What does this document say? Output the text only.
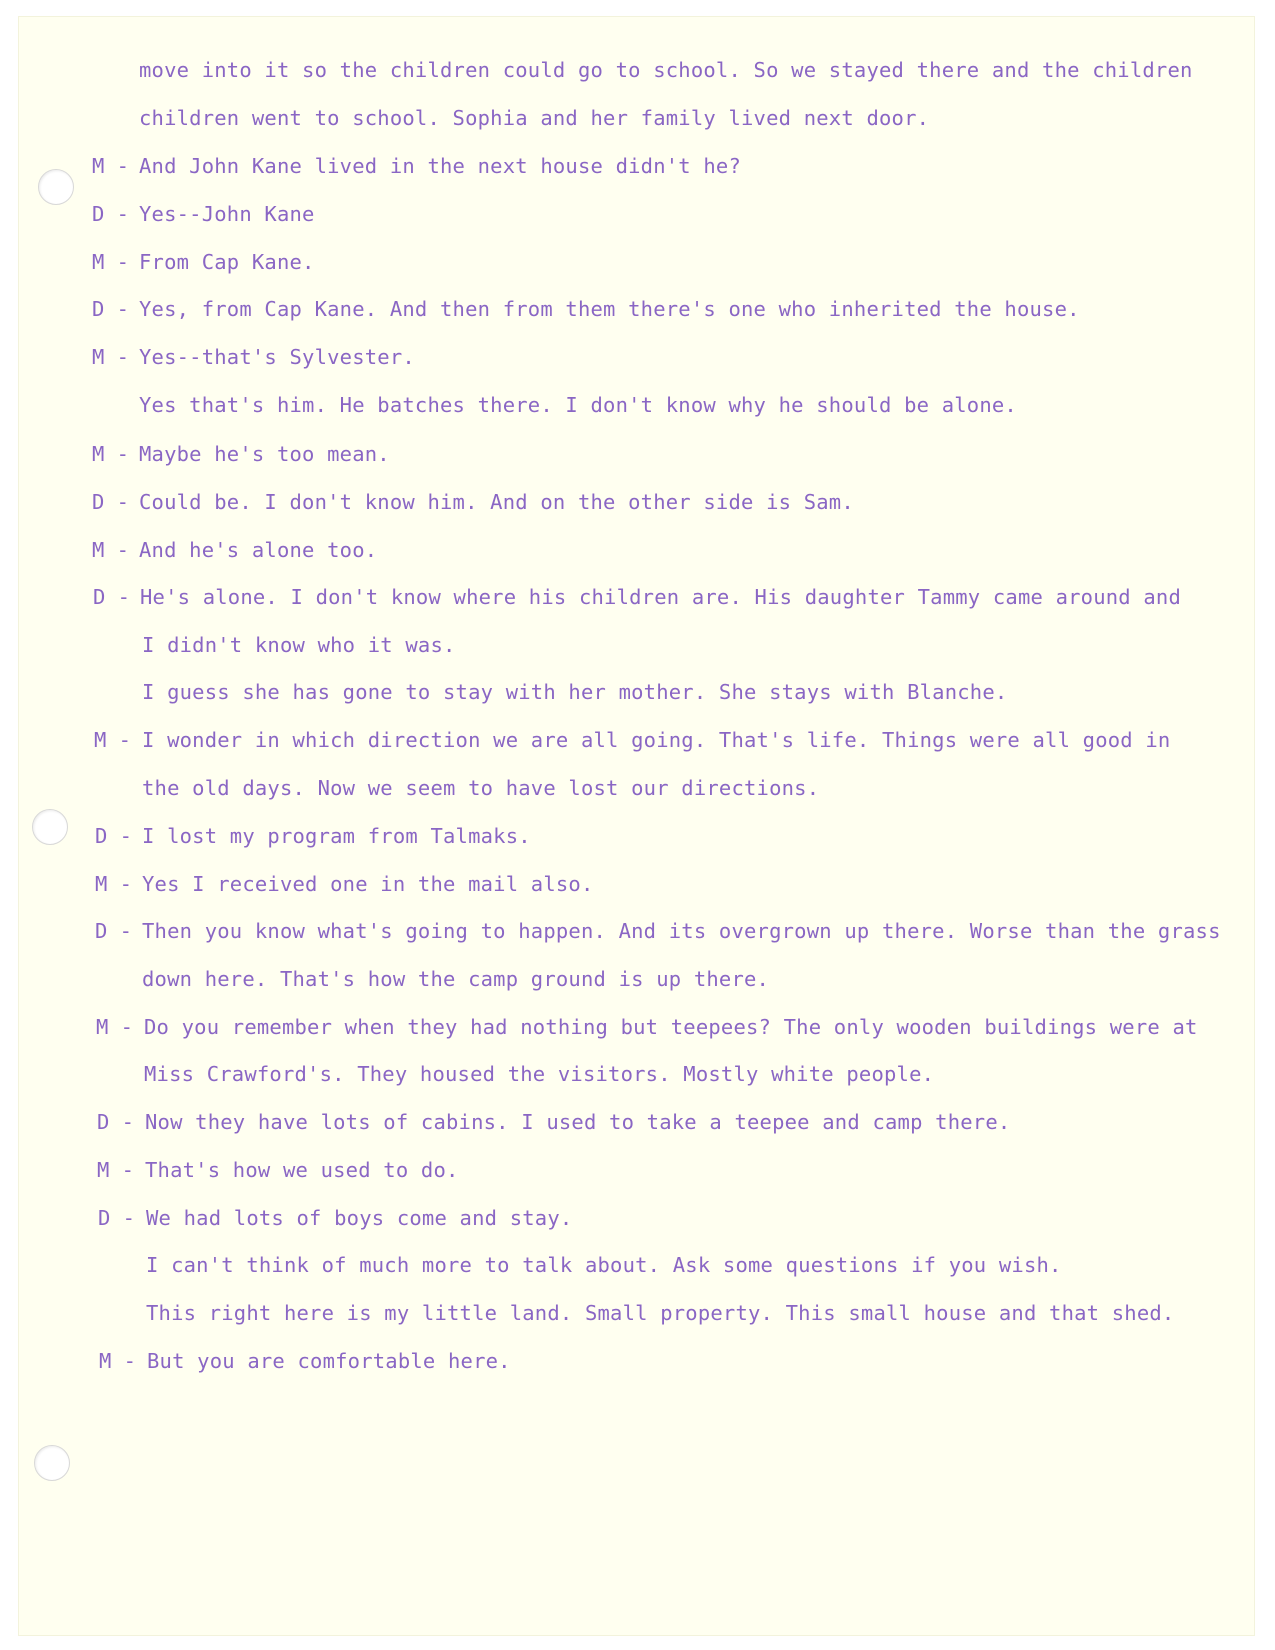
move into it so the children could go to school. So we stayed there and the children
children went to school. Sophia and her family lived next door.
M - And John Kane lived in the next house didn't he?
D - Yes--John Kane
M - From Cap Kane.
D - Yes, from Cap Kane. And then from them there's one who inherited the house.
M - Yes--that's Sylvester.
Yes that's him. He batches there. I don't know why he should be alone.
M - Maybe he's too mean.
D - Could be. I don't know him. And on the other side is Sam.
M - And he's alone too.
D - He's alone. I don't know where his children are. His daughter Tammy came around and
I didn't know who it was.
I guess she has gone to stay with her mother. She stays with Blanche.
M - I wonder in which direction we are all going. That's life. Things were all good in
the old days. Now we seem to have lost our directions.
D - I lost my program from Talmaks.
M - Yes I received one in the mail also.
D - Then you know what's going to happen. And its overgrown up there. Worse than the grass
down here. That's how the camp ground is up there.
M - Do you remember when they had nothing but teepees? The only wooden buildings were at
Miss Crawford's. They housed the visitors. Mostly white people.
D - Now they have lots of cabins. I used to take a teepee and camp there.
M - That's how we used to do.
D - We had lots of boys come and stay.
I can't think of much more to talk about. Ask some questions if you wish.
This right here is my little land. Small property. This small house and that shed.
M - But you are comfortable here.
